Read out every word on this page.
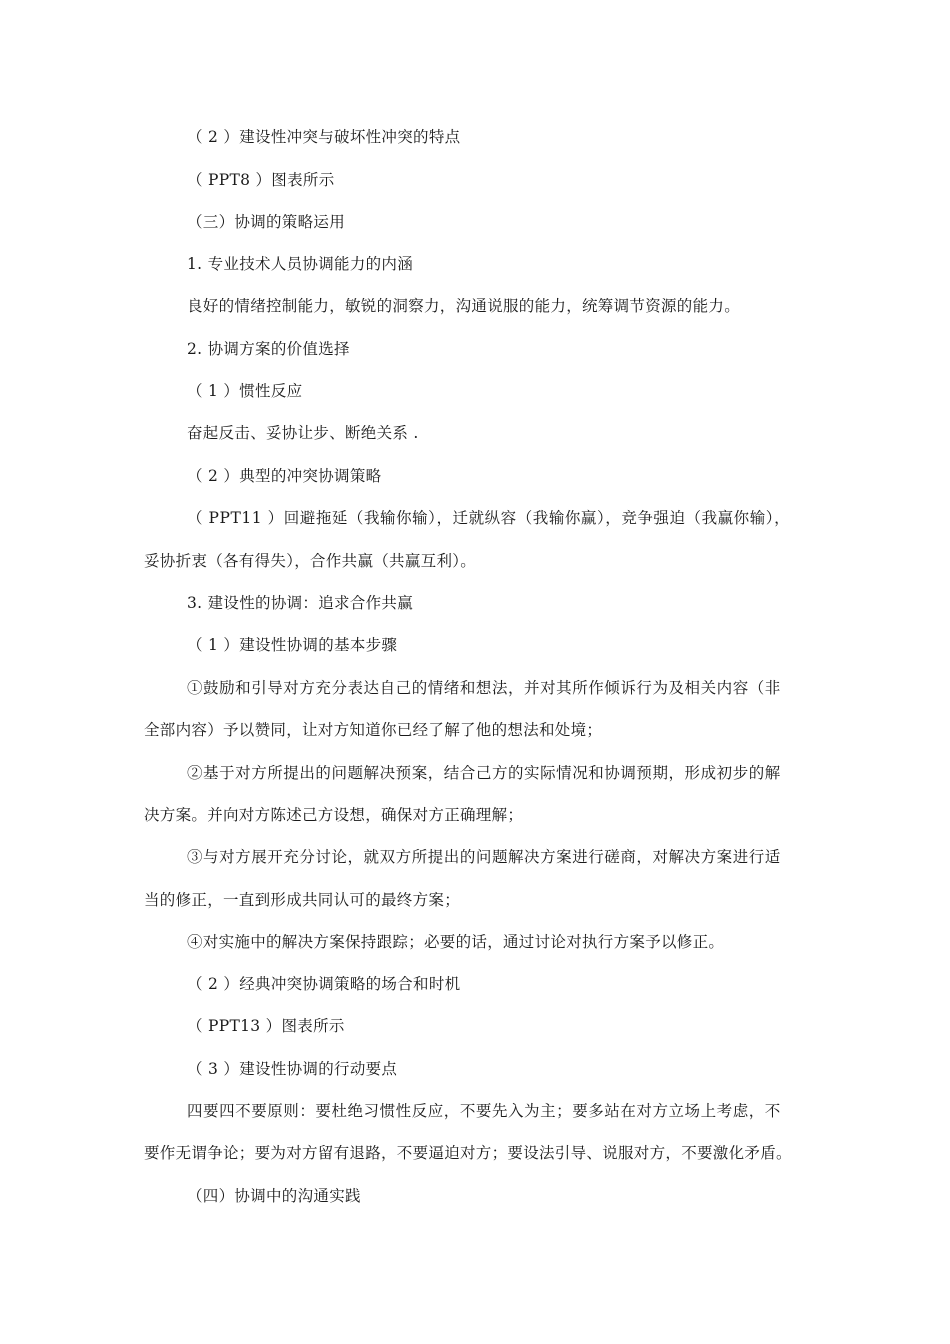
（ 2 ）建设性冲突与破坏性冲突的特点
（ PPT8 ）图表所示
（三）协调的策略运用
1. 专业技术人员协调能力的内涵
良好的情绪控制能力，敏锐的洞察力，沟通说服的能力，统筹调节资源的能力。
2. 协调方案的价值选择
（ 1 ）惯性反应
奋起反击、妥协让步、断绝关系 .
（ 2 ）典型的冲突协调策略
（ PPT11 ）回避拖延（我输你输），迁就纵容（我输你赢），竞争强迫（我赢你输），
妥协折衷（各有得失），合作共赢（共赢互利）。
3. 建设性的协调：追求合作共赢
（ 1 ）建设性协调的基本步骤
①鼓励和引导对方充分表达自己的情绪和想法，并对其所作倾诉行为及相关内容（非
全部内容）予以赞同，让对方知道你已经了解了他的想法和处境；
②基于对方所提出的问题解决预案，结合己方的实际情况和协调预期，形成初步的解
决方案。并向对方陈述己方设想，确保对方正确理解；
③与对方展开充分讨论，就双方所提出的问题解决方案进行磋商，对解决方案进行适
当的修正，一直到形成共同认可的最终方案；
④对实施中的解决方案保持跟踪；必要的话，通过讨论对执行方案予以修正。
（ 2 ）经典冲突协调策略的场合和时机
（ PPT13 ）图表所示
（ 3 ）建设性协调的行动要点
四要四不要原则：要杜绝习惯性反应，不要先入为主；要多站在对方立场上考虑，不
要作无谓争论；要为对方留有退路，不要逼迫对方；要设法引导、说服对方，不要激化矛盾。
（四）协调中的沟通实践
